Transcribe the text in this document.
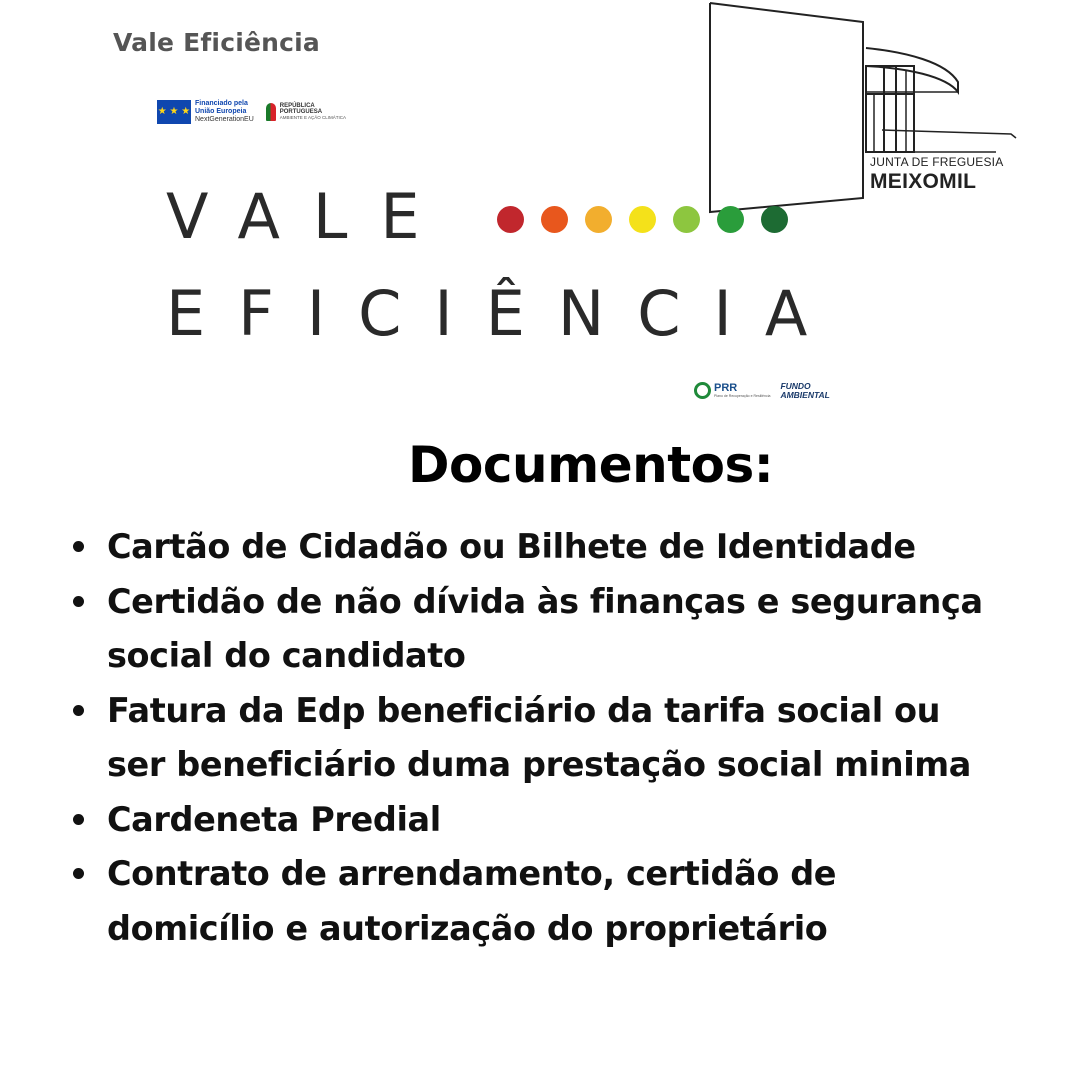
Vale Eficiência
★ ★ ★
Financiado pela
União Europeia
NextGenerationEU
REPÚBLICA
PORTUGUESA
AMBIENTE E AÇÃO CLIMÁTICA
JUNTA DE FREGUESIA
MEIXOMIL
VALE
EFICIÊNCIA
PRR
Plano de Recuperação e Resiliência
FUNDO
AMBIENTAL
Documentos:
Cartão de Cidadão ou Bilhete de Identidade
Certidão de não dívida às finanças e segurança
social do candidato
Fatura da Edp beneficiário da tarifa social ou
ser beneficiário duma prestação social minima
Cardeneta Predial
Contrato de arrendamento, certidão de
domicílio e autorização do proprietário
